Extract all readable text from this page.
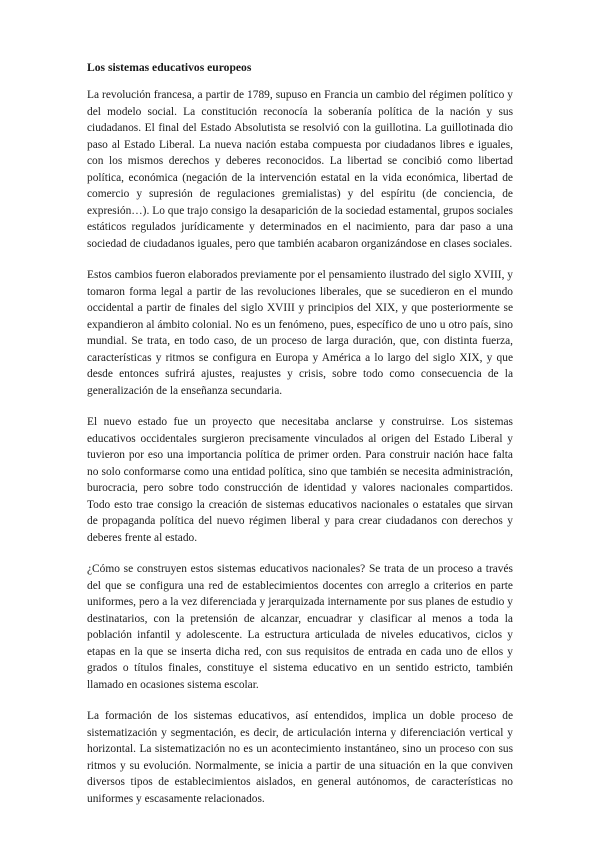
Los sistemas educativos europeos

La revolución francesa, a partir de 1789, supuso en Francia un cambio del régimen político y del modelo social. La constitución reconocía la soberanía política de la nación y sus ciudadanos. El final del Estado Absolutista se resolvió con la guillotina. La guillotinada dio paso al Estado Liberal. La nueva nación estaba compuesta por ciudadanos libres e iguales, con los mismos derechos y deberes reconocidos. La libertad se concibió como libertad política, económica (negación de la intervención estatal en la vida económica, libertad de comercio y supresión de regulaciones gremialistas) y del espíritu (de conciencia, de expresión…). Lo que trajo consigo la desaparición de la sociedad estamental, grupos sociales estáticos regulados jurídicamente y determinados en el nacimiento, para dar paso a una sociedad de ciudadanos iguales, pero que también acabaron organizándose en clases sociales.

Estos cambios fueron elaborados previamente por el pensamiento ilustrado del siglo XVIII, y tomaron forma legal a partir de las revoluciones liberales, que se sucedieron en el mundo occidental a partir de finales del siglo XVIII y principios del XIX, y que posteriormente se expandieron al ámbito colonial. No es un fenómeno, pues, específico de uno u otro país, sino mundial. Se trata, en todo caso, de un proceso de larga duración, que, con distinta fuerza, características y ritmos se configura en Europa y América a lo largo del siglo XIX, y que desde entonces sufrirá ajustes, reajustes y crisis, sobre todo como consecuencia de la generalización de la enseñanza secundaria.

El nuevo estado fue un proyecto que necesitaba anclarse y construirse. Los sistemas educativos occidentales surgieron precisamente vinculados al origen del Estado Liberal y tuvieron por eso una importancia política de primer orden. Para construir nación hace falta no solo conformarse como una entidad política, sino que también se necesita administración, burocracia, pero sobre todo construcción de identidad y valores nacionales compartidos. Todo esto trae consigo la creación de sistemas educativos nacionales o estatales que sirvan de propaganda política del nuevo régimen liberal y para crear ciudadanos con derechos y deberes frente al estado.

¿Cómo se construyen estos sistemas educativos nacionales? Se trata de un proceso a través del que se configura una red de establecimientos docentes con arreglo a criterios en parte uniformes, pero a la vez diferenciada y jerarquizada internamente por sus planes de estudio y destinatarios, con la pretensión de alcanzar, encuadrar y clasificar al menos a toda la población infantil y adolescente. La estructura articulada de niveles educativos, ciclos y etapas en la que se inserta dicha red, con sus requisitos de entrada en cada uno de ellos y grados o títulos finales, constituye el sistema educativo en un sentido estricto, también llamado en ocasiones sistema escolar.

La formación de los sistemas educativos, así entendidos, implica un doble proceso de sistematización y segmentación, es decir, de articulación interna y diferenciación vertical y horizontal. La sistematización no es un acontecimiento instantáneo, sino un proceso con sus ritmos y su evolución. Normalmente, se inicia a partir de una situación en la que conviven diversos tipos de establecimientos aislados, en general autónomos, de características no uniformes y escasamente relacionados.
